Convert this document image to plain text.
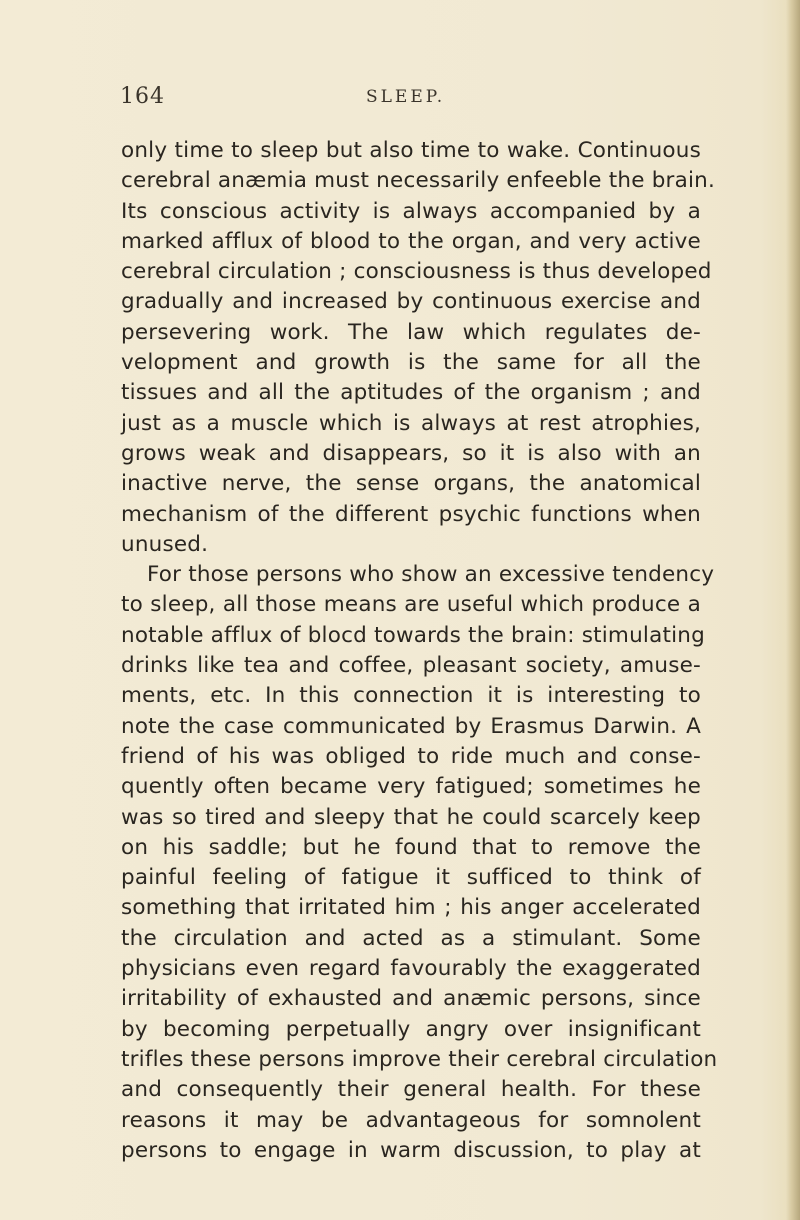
164	SLEEP.
only time to sleep but also time to wake. Continuous
cerebral anæmia must necessarily enfeeble the brain.
Its conscious activity is always accompanied by a
marked afflux of blood to the organ, and very active
cerebral circulation ; consciousness is thus developed
gradually and increased by continuous exercise and
persevering work. The law which regulates de-
velopment and growth is the same for all the
tissues and all the aptitudes of the organism ; and
just as a muscle which is always at rest atrophies,
grows weak and disappears, so it is also with an
inactive nerve, the sense organs, the anatomical
mechanism of the different psychic functions when
unused.
For those persons who show an excessive tendency
to sleep, all those means are useful which produce a
notable afflux of blocd towards the brain: stimulating
drinks like tea and coffee, pleasant society, amuse-
ments, etc. In this connection it is interesting to
note the case communicated by Erasmus Darwin. A
friend of his was obliged to ride much and conse-
quently often became very fatigued; sometimes he
was so tired and sleepy that he could scarcely keep
on his saddle; but he found that to remove the
painful feeling of fatigue it sufficed to think of
something that irritated him ; his anger accelerated
the circulation and acted as a stimulant. Some
physicians even regard favourably the exaggerated
irritability of exhausted and anæmic persons, since
by becoming perpetually angry over insignificant
trifles these persons improve their cerebral circulation
and consequently their general health. For these
reasons it may be advantageous for somnolent
persons to engage in warm discussion, to play at
